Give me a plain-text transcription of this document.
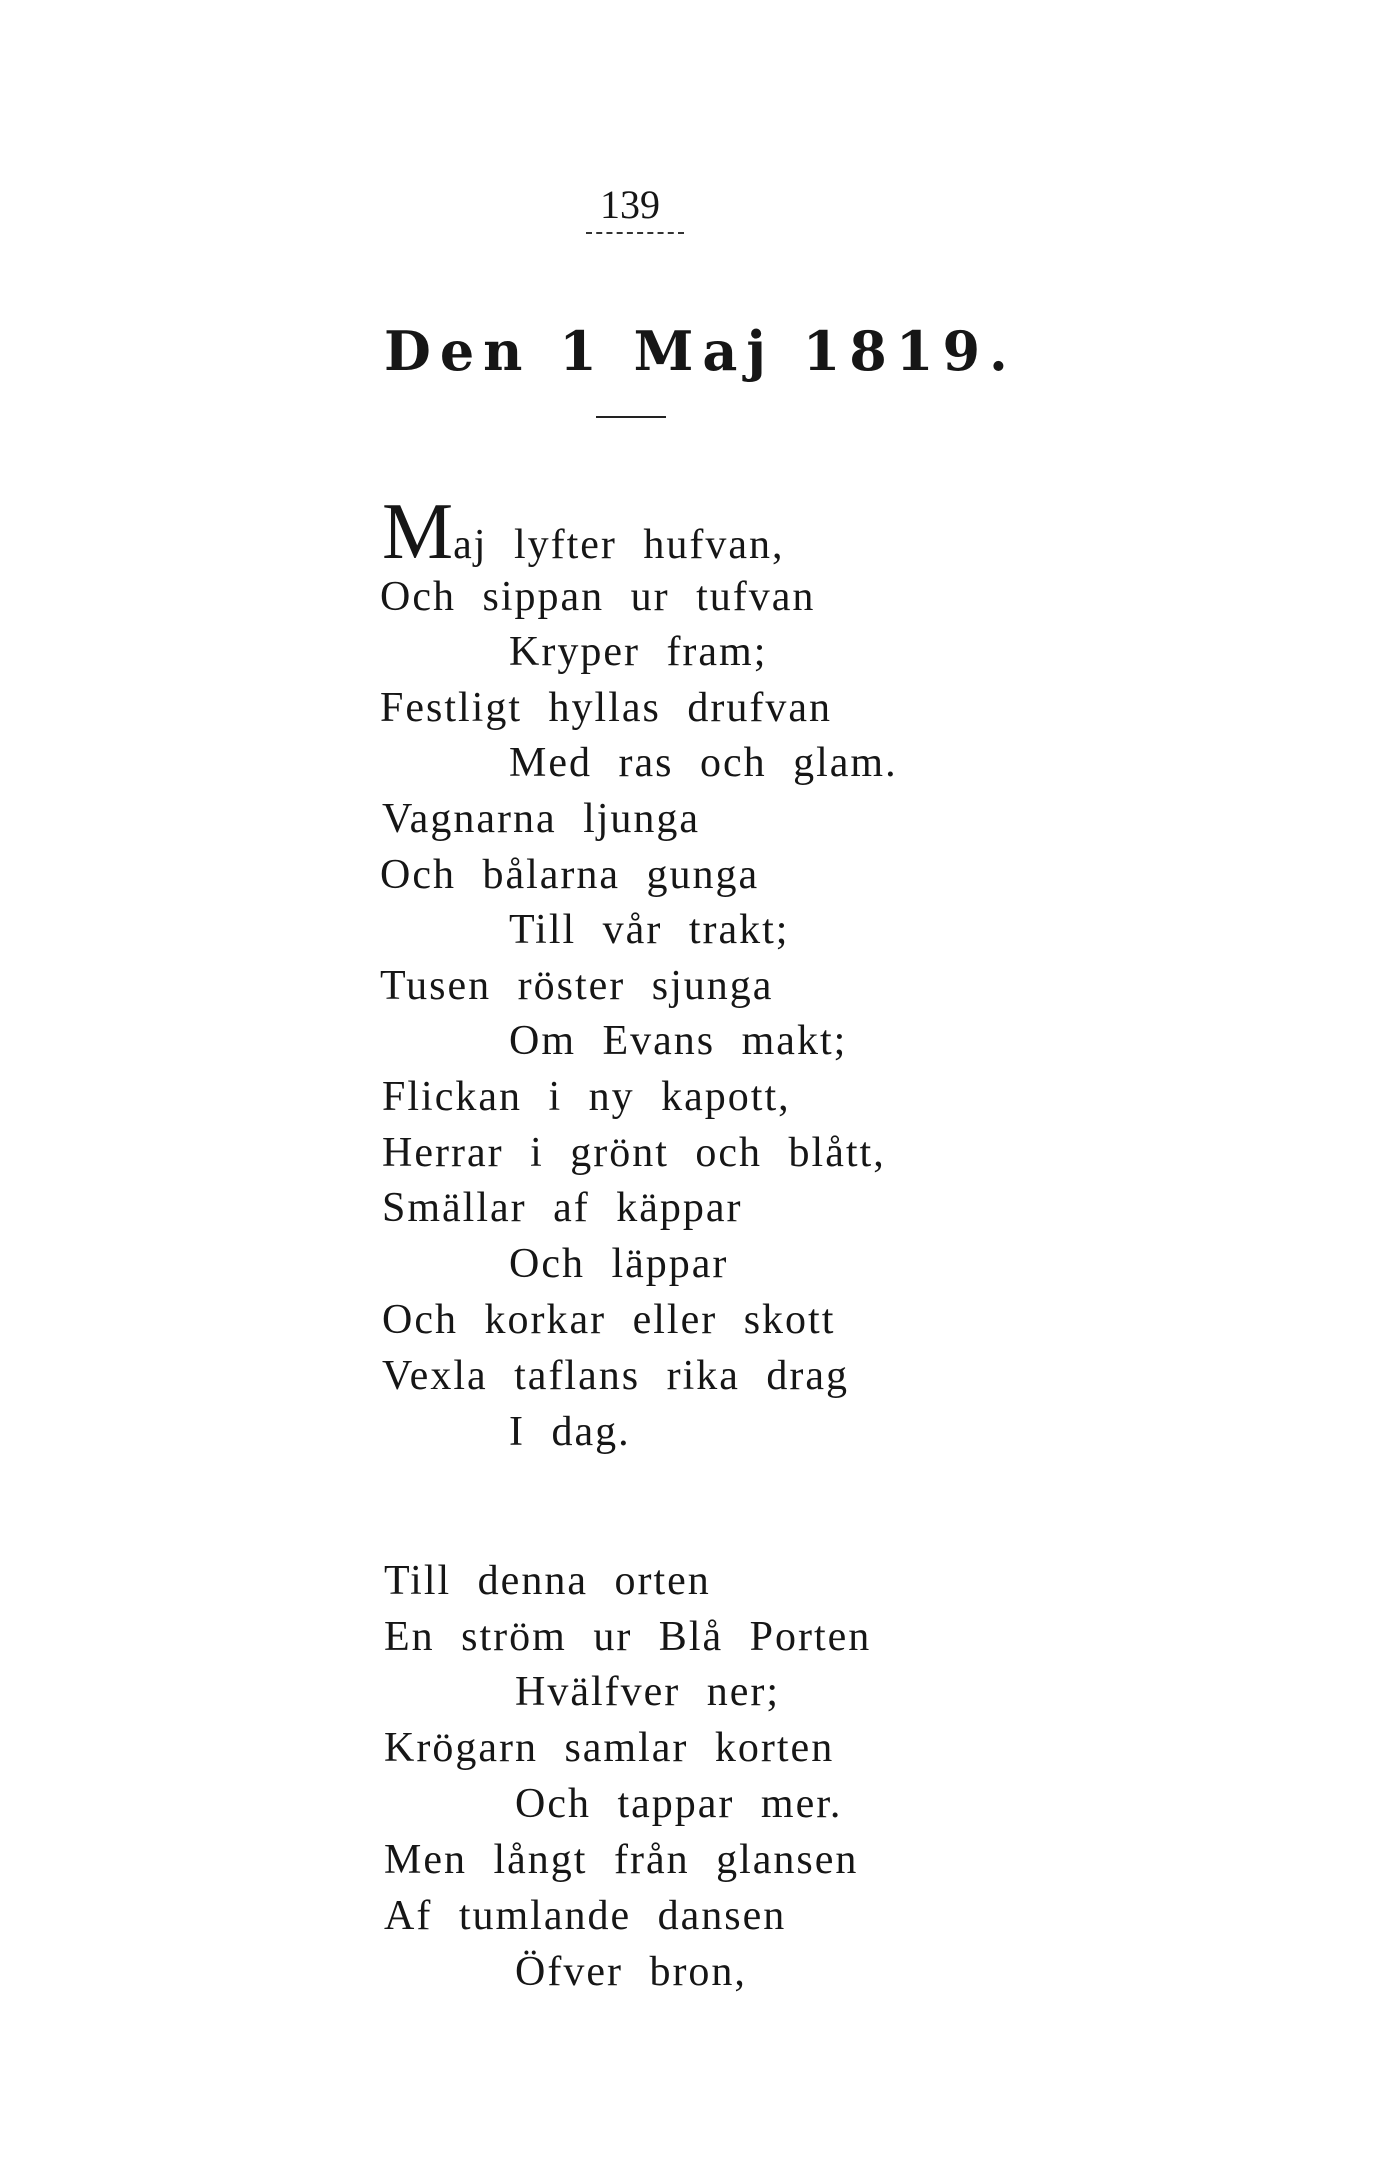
139
Den 1 Maj 1819.
Maj lyfter hufvan,
Och sippan ur tufvan
Kryper fram;
Festligt hyllas drufvan
Med ras och glam.
Vagnarna ljunga
Och bålarna gunga
Till vår trakt;
Tusen röster sjunga
Om Evans makt;
Flickan i ny kapott,
Herrar i grönt och blått,
Smällar af käppar
Och läppar
Och korkar eller skott
Vexla taflans rika drag
I dag.
Till denna orten
En ström ur Blå Porten
Hvälfver ner;
Krögarn samlar korten
Och tappar mer.
Men långt från glansen
Af tumlande dansen
Öfver bron,
